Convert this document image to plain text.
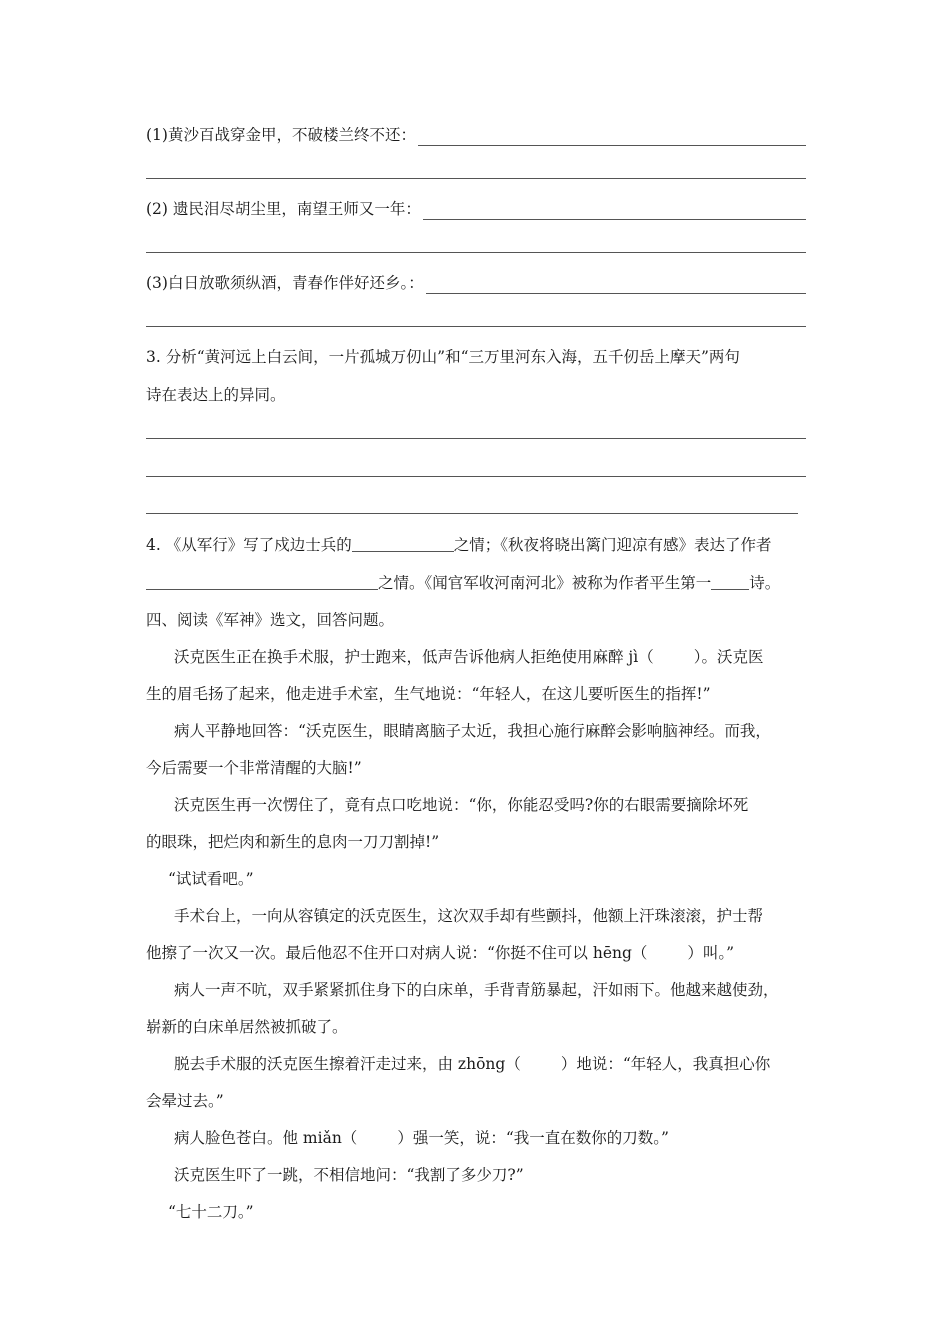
(1)黄沙百战穿金甲，不破楼兰终不还：
(2) 遗民泪尽胡尘里，南望王师又一年：
(3)白日放歌须纵酒，青春作伴好还乡。：
3. 分析“黄河远上白云间，一片孤城万仞山”和“三万里河东入海，五千仞岳上摩天”两句
诗在表达上的异同。
4. 《从军行》写了戍边士兵的	之情；《秋夜将晓出篱门迎凉有感》表达了作者
之情。《闻官军收河南河北》被称为作者平生第一 诗。
四、阅读《军神》选文，回答问题。
沃克医生正在换手术服，护士跑来，低声告诉他病人拒绝使用麻醉 jì（	）。沃克医
生的眉毛扬了起来，他走进手术室，生气地说：“年轻人，在这儿要听医生的指挥!”
病人平静地回答：“沃克医生，眼睛离脑子太近，我担心施行麻醉会影响脑神经。而我，
今后需要一个非常清醒的大脑!”
沃克医生再一次愣住了，竟有点口吃地说：“你，你能忍受吗?你的右眼需要摘除坏死
的眼珠，把烂肉和新生的息肉一刀刀割掉!”
“试试看吧。”
手术台上，一向从容镇定的沃克医生，这次双手却有些颤抖，他额上汗珠滚滚，护士帮
他擦了一次又一次。最后他忍不住开口对病人说：“你挺不住可以 hēng（	）叫。”
病人一声不吭，双手紧紧抓住身下的白床单，手背青筋暴起，汗如雨下。他越来越使劲，
崭新的白床单居然被抓破了。
脱去手术服的沃克医生擦着汗走过来，由 zhōng（	）地说：“年轻人，我真担心你
会晕过去。”
病人脸色苍白。他 miǎn（	）强一笑，说：“我一直在数你的刀数。”
沃克医生吓了一跳，不相信地问：“我割了多少刀?”
“七十二刀。”
